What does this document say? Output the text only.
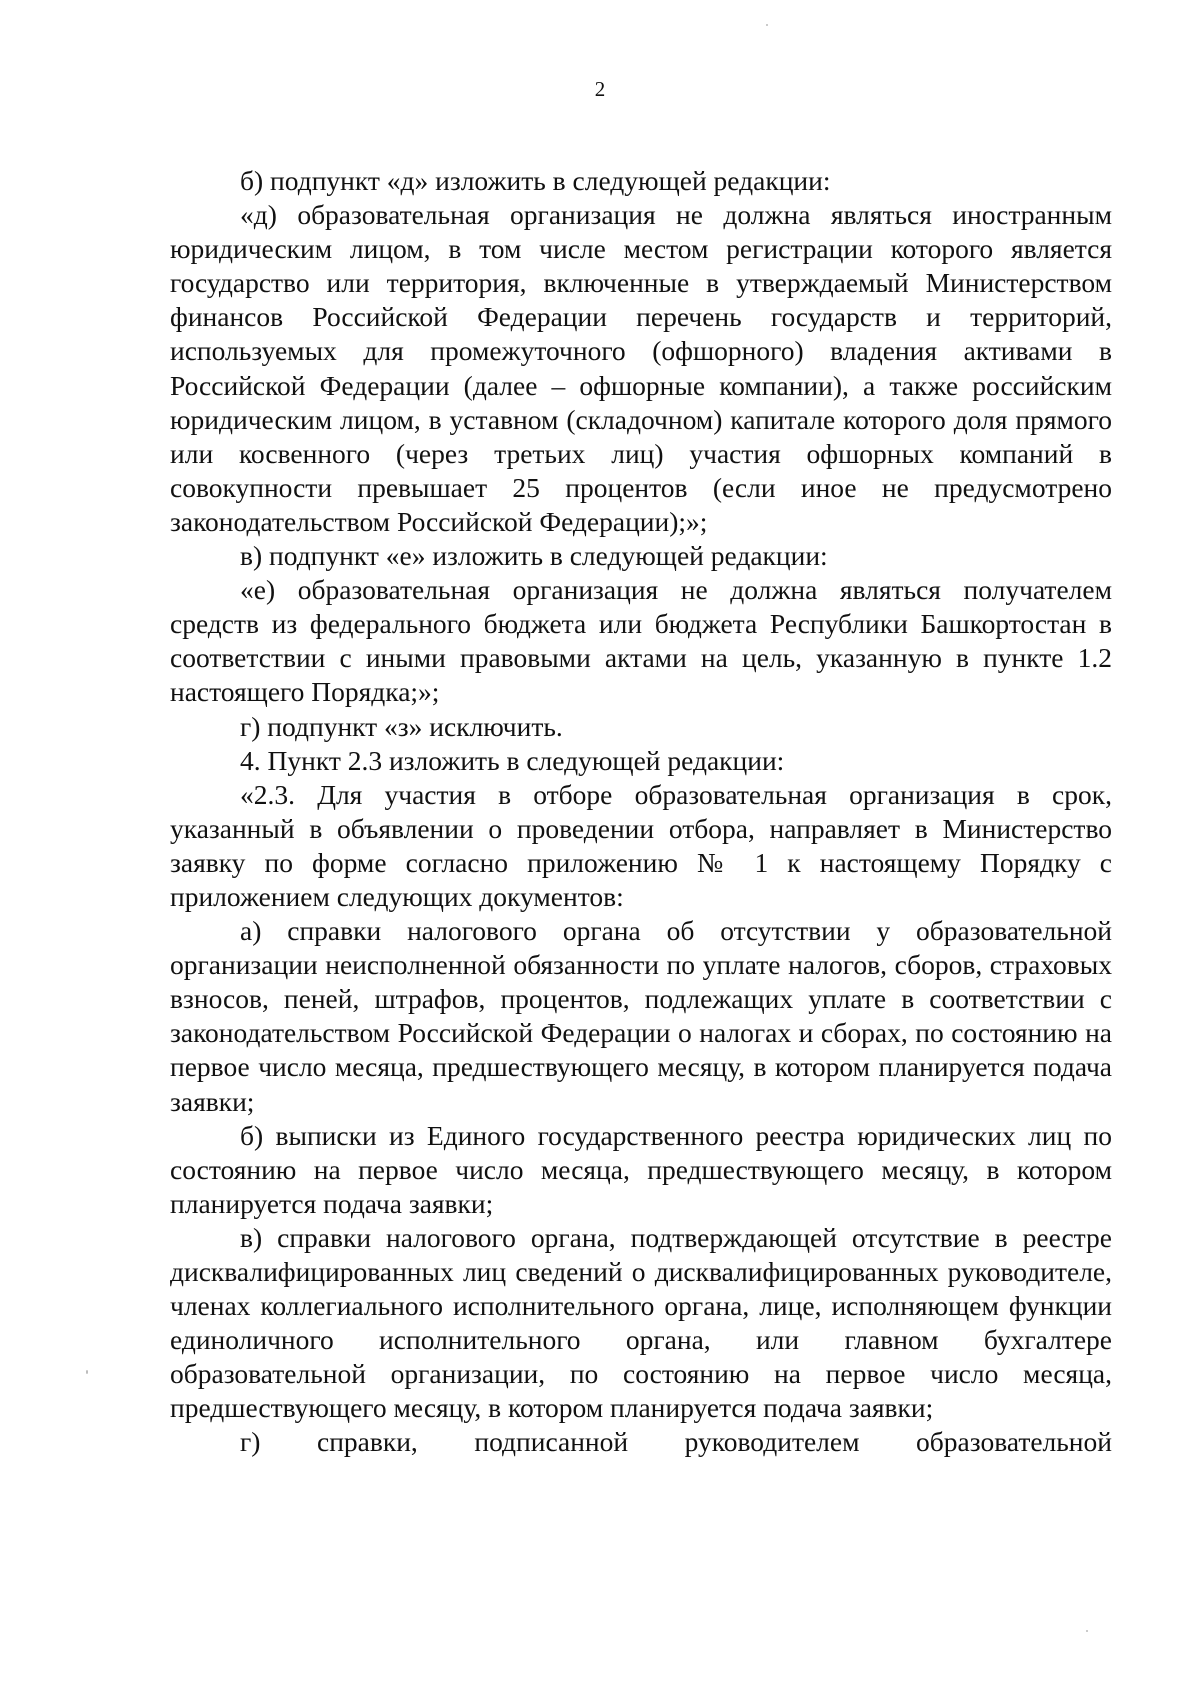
2

б) подпункт «д» изложить в следующей редакции:

«д) образовательная организация не должна являться иностранным юридическим лицом, в том числе местом регистрации которого является государство или территория, включенные в утверждаемый Министерством финансов Российской Федерации перечень государств и территорий, используемых для промежуточного (офшорного) владения активами в Российской Федерации (далее – офшорные компании), а также российским юридическим лицом, в уставном (складочном) капитале которого доля прямого или косвенного (через третьих лиц) участия офшорных компаний в совокупности превышает 25 процентов (если иное не предусмотрено законодательством Российской Федерации);»;

в) подпункт «е» изложить в следующей редакции:

«е) образовательная организация не должна являться получателем средств из федерального бюджета или бюджета Республики Башкортостан в соответствии с иными правовыми актами на цель, указанную в пункте 1.2 настоящего Порядка;»;

г) подпункт «з» исключить.

4. Пункт 2.3 изложить в следующей редакции:

«2.3. Для участия в отборе образовательная организация в срок, указанный в объявлении о проведении отбора, направляет в Министерство заявку по форме согласно приложению № 1 к настоящему Порядку с приложением следующих документов:

а) справки налогового органа об отсутствии у образовательной организации неисполненной обязанности по уплате налогов, сборов, страховых взносов, пеней, штрафов, процентов, подлежащих уплате в соответствии с законодательством Российской Федерации о налогах и сборах, по состоянию на первое число месяца, предшествующего месяцу, в котором планируется подача заявки;

б) выписки из Единого государственного реестра юридических лиц по состоянию на первое число месяца, предшествующего месяцу, в котором планируется подача заявки;

в) справки налогового органа, подтверждающей отсутствие в реестре дисквалифицированных лиц сведений о дисквалифицированных руководителе, членах коллегиального исполнительного органа, лице, исполняющем функции единоличного исполнительного органа, или главном бухгалтере образовательной организации, по состоянию на первое число месяца, предшествующего месяцу, в котором планируется подача заявки;

г) справки, подписанной руководителем образовательной
